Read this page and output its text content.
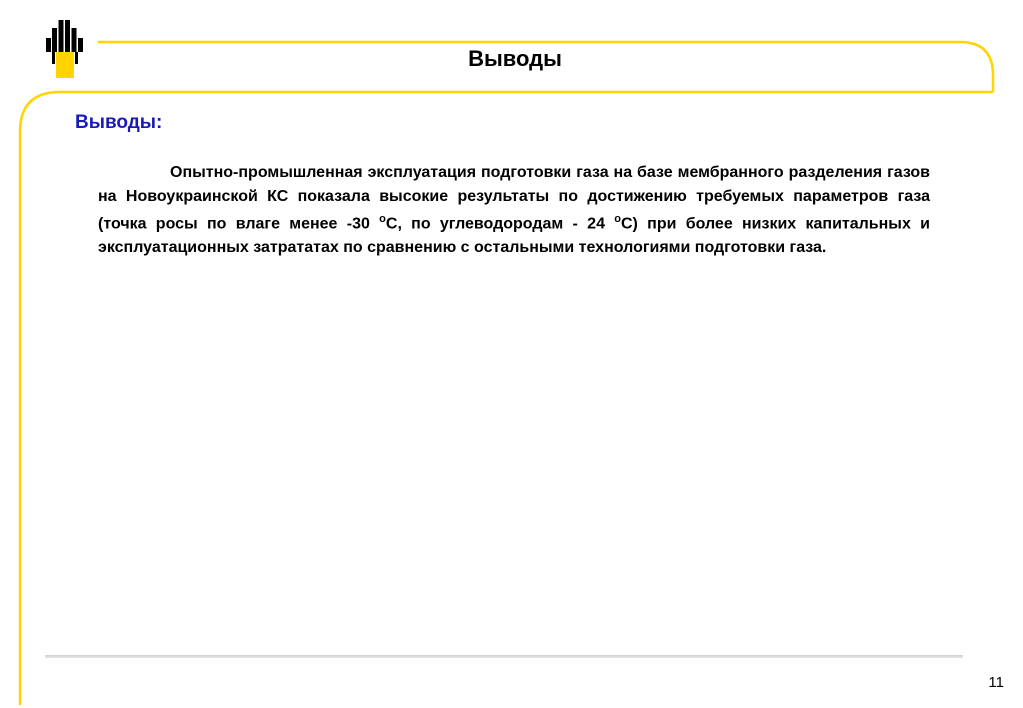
Выводы
Выводы:

Опытно-промышленная эксплуатация подготовки газа на базе мембранного разделения газов на Новоукраинской КС показала высокие результаты по достижению требуемых параметров газа (точка росы по влаге менее -30 $^о$С, по углеводородам - 24 $^о$С) при более низких капитальных и эксплуатационных затрататах по сравнению с остальными технологиями подготовки газа.

11
